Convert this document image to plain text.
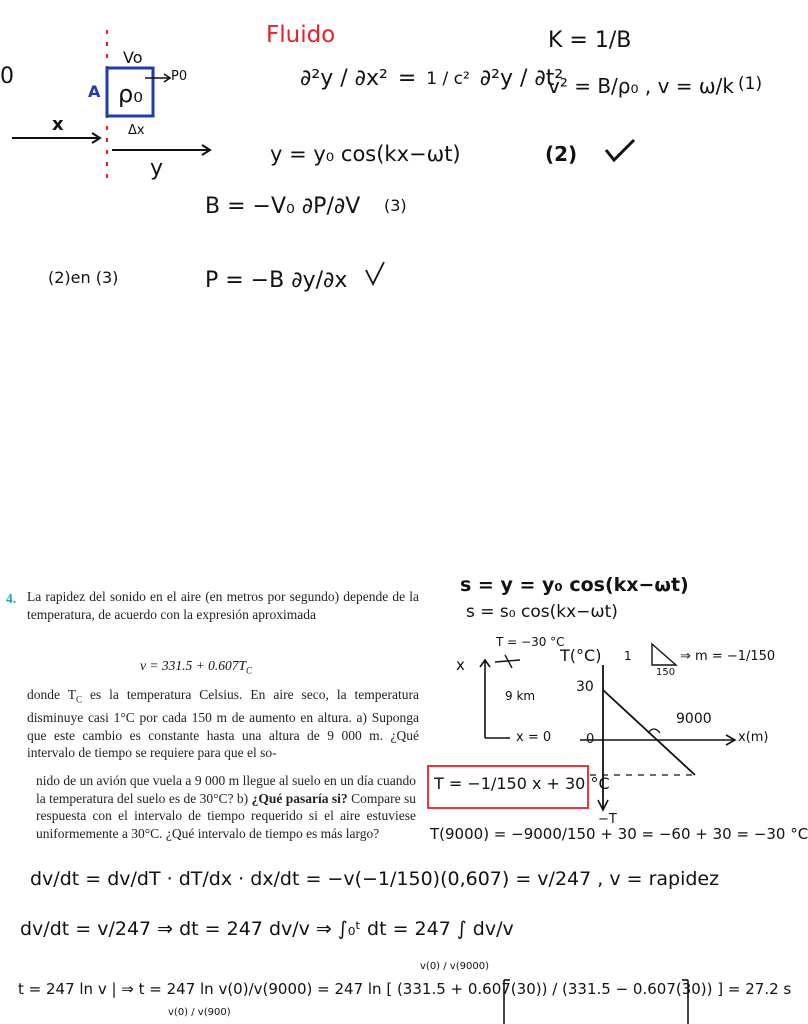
0
Vo
P0
A ρ₀
x	Δx
y
Fluido
∂²y / ∂x² = 1 / c² ∂²y / ∂t²
y = y₀ cos(kx−ωt)
K = 1/B
v² = B/ρ₀ , v = ω/k (1)
(2)
B = −V₀ ∂P/∂V (3)
(2)en (3)	P = −B ∂y/∂x
4. La rapidez del sonido en el aire (en metros por segundo) depende de la temperatura, de acuerdo con la expresión aproximada
$v = 331.5 + 0.607T_C$
donde $T_C$ es la temperatura Celsius. En aire seco, la temperatura disminuye casi 1°C por cada 150 m de aumento en altura. a) Suponga que este cambio es constante hasta una altura de 9 000 m. ¿Qué intervalo de tiempo se requiere para que el so-
nido de un avión que vuela a 9 000 m llegue al suelo en un día cuando la temperatura del suelo es de 30°C? b) ¿Qué pasaría si? Compare su respuesta con el intervalo de tiempo requerido si el aire estuviese uniformemente a 30°C. ¿Qué intervalo de tiempo es más largo?
s = y = y₀ cos(kx−ωt)
s = s₀ cos(kx−ωt)
T = −30 °C
x
9 km
x = 0
T(°C) 1
150
⇒ m = −1/150
30
0
9000
x(m)
−T
T = −1/150 x + 30 °C
T(9000) = −9000/150 + 30 = −60 + 30 = −30 °C
dv/dt = dv/dT · dT/dx · dx/dt = −v(−1/150)(0,607) = v/247 , v = rapidez
dv/dt = v/247 ⇒ dt = 247 dv/v ⇒ ∫₀ᵗ dt = 247 ∫ dv/v
v(0) / v(9000)
t = 247 ln v | ⇒ t = 247 ln v(0)/v(9000) = 247 ln [ (331.5 + 0.607(30)) / (331.5 − 0.607(30)) ] = 27.2 s
v(0) / v(900)
